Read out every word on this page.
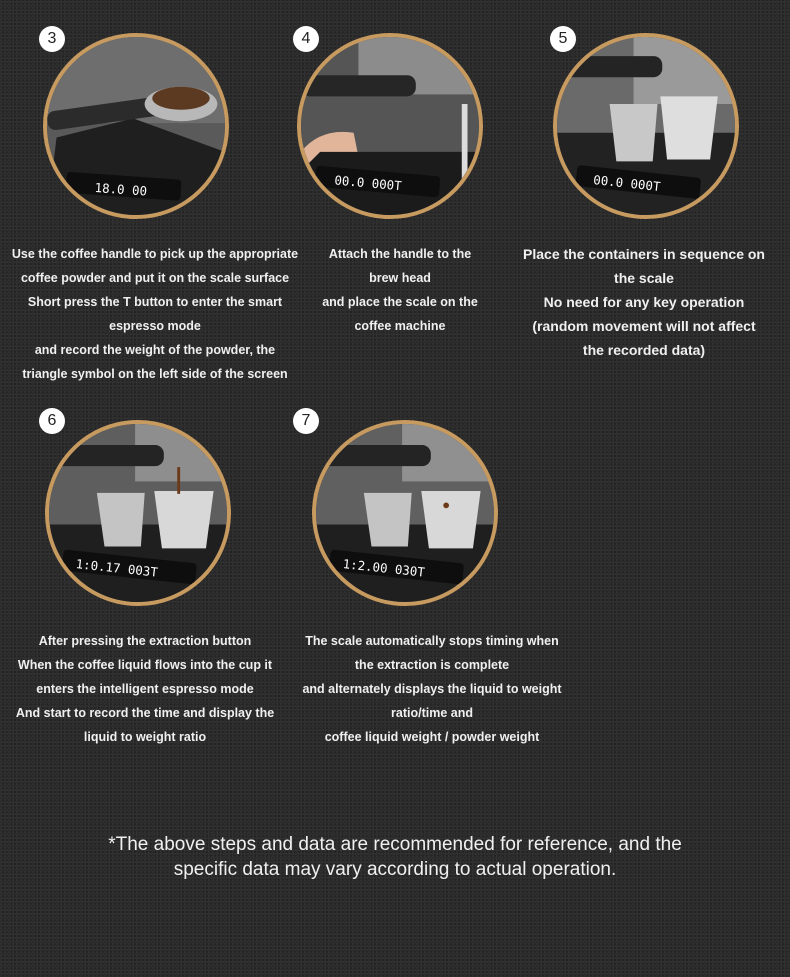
3
18.0 00
Use the coffee handle to pick up the appropriate
coffee powder and put it on the scale surface
Short press the T button to enter the smart
espresso mode
and record the weight of the powder, the
triangle symbol on the left side of the screen
4
00.0 000T
Attach the handle to the
brew head
and place the scale on the
coffee machine
5
00.0 000T
Place the containers in sequence on
the scale
No need for any key operation
(random movement will not affect
the recorded data)
6
1:0.17 003T
After pressing the extraction button
When the coffee liquid flows into the cup it
enters the intelligent espresso mode
And start to record the time and display the
liquid to weight ratio
7
1:2.00 030T
The scale automatically stops timing when
the extraction is complete
and alternately displays the liquid to weight
ratio/time and
coffee liquid weight / powder weight
*The above steps and data are recommended for reference, and the
specific data may vary according to actual operation.
